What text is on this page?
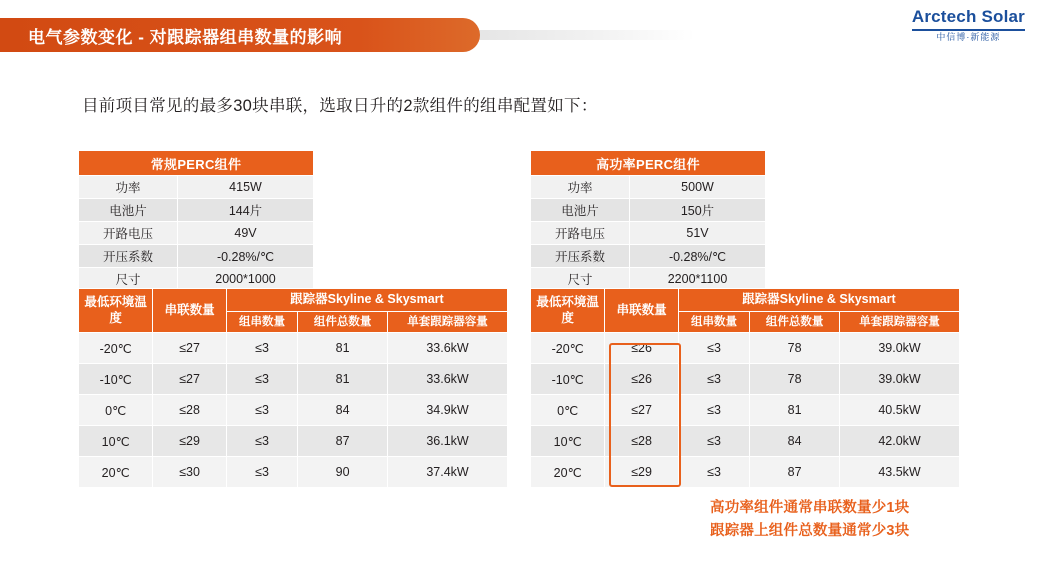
电气参数变化 - 对跟踪器组串数量的影响
Arctech Solar
中信博·新能源
目前项目常见的最多30块串联，选取日升的2款组件的组串配置如下：
常规PERC组件	
功率	415W
电池片	144片
开路电压	49V
开压系数	-0.28%/℃
尺寸	2000*1000
高功率PERC组件	
功率	500W
电池片	150片
开路电压	51V
开压系数	-0.28%/℃
尺寸	2200*1100
最低环境温度	串联数量	跟踪器Skyline & Skysmart		
		组串数量	组件总数量	单套跟踪器容量
-20℃	≤27	≤3	81	33.6kW
-10℃	≤27	≤3	81	33.6kW
0℃	≤28	≤3	84	34.9kW
10℃	≤29	≤3	87	36.1kW
20℃	≤30	≤3	90	37.4kW
最低环境温度	串联数量	跟踪器Skyline & Skysmart		
		组串数量	组件总数量	单套跟踪器容量
-20℃	≤26	≤3	78	39.0kW
-10℃	≤26	≤3	78	39.0kW
0℃	≤27	≤3	81	40.5kW
10℃	≤28	≤3	84	42.0kW
20℃	≤29	≤3	87	43.5kW
高功率组件通常串联数量少1块
跟踪器上组件总数量通常少3块
